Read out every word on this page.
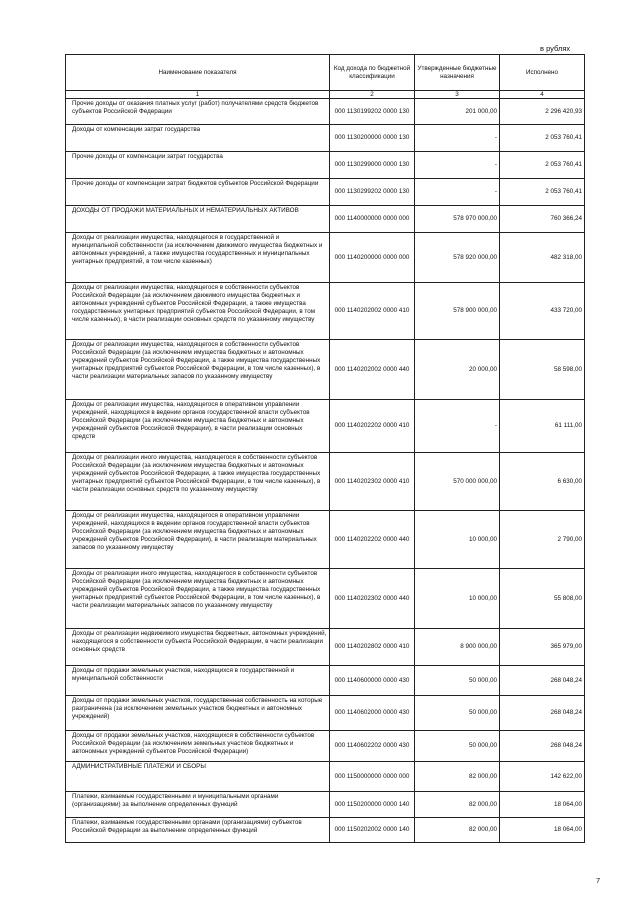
в рублях
Наименование показателя	Код дохода по бюджетной классификации	Утвержденные бюджетные назначения	Исполнено
1	2	3	4
Прочие доходы от оказания платных услуг (работ) получателями средств бюджетов субъектов Российской Федерации	000 1130199202 0000 130	201 000,00	2 296 420,93
Доходы от компенсации затрат государства	000 1130200000 0000 130	-	2 053 760,41
Прочие доходы от компенсации затрат государства	000 1130299000 0000 130	-	2 053 760,41
Прочие доходы от компенсации затрат бюджетов субъектов Российской Федерации	000 1130299202 0000 130	-	2 053 760,41
ДОХОДЫ ОТ ПРОДАЖИ МАТЕРИАЛЬНЫХ И НЕМАТЕРИАЛЬНЫХ АКТИВОВ	000 1140000000 0000 000	578 970 000,00	760 366,24
Доходы от реализации имущества, находящегося в государственной и муниципальной собственности (за исключением движимого имущества бюджетных и автономных учреждений, а также имущества государственных и муниципальных унитарных предприятий, в том числе казенных)	000 1140200000 0000 000	578 920 000,00	482 318,00
Доходы от реализации имущества, находящегося в собственности субъектов Российской Федерации (за исключением движимого имущества бюджетных и автономных учреждений субъектов Российской Федерации, а также имущества государственных унитарных предприятий субъектов Российской Федерации, в том числе казенных), в части реализации основных средств по указанному имуществу	000 1140202002 0000 410	578 900 000,00	433 720,00
Доходы от реализации имущества, находящегося в собственности субъектов Российской Федерации (за исключением имущества бюджетных и автономных учреждений субъектов Российской Федерации, а также имущества государственных унитарных предприятий субъектов Российской Федерации, в том числе казенных), в части реализации материальных запасов по указанному имуществу	000 1140202002 0000 440	20 000,00	58 598,00
Доходы от реализации имущества, находящегося в оперативном управлении учреждений, находящихся в ведении органов государственной власти субъектов Российской Федерации (за исключением имущества бюджетных и автономных учреждений субъектов Российской Федерации), в части реализации основных средств	000 1140202202 0000 410	-	61 111,00
Доходы от реализации иного имущества, находящегося в собственности субъектов Российской Федерации (за исключением имущества бюджетных и автономных учреждений субъектов Российской Федерации, а также имущества государственных унитарных предприятий субъектов Российской Федерации, в том числе казенных), в части реализации основных средств по указанному имуществу	000 1140202302 0000 410	570 000 000,00	6 630,00
Доходы от реализации имущества, находящегося в оперативном управлении учреждений, находящихся в ведении органов государственной власти субъектов Российской Федерации (за исключением имущества бюджетных и автономных учреждений субъектов Российской Федерации), в части реализации материальных запасов по указанному имуществу	000 1140202202 0000 440	10 000,00	2 790,00
Доходы от реализации иного имущества, находящегося в собственности субъектов Российской Федерации (за исключением имущества бюджетных и автономных учреждений субъектов Российской Федерации, а также имущества государственных унитарных предприятий субъектов Российской Федерации, в том числе казенных), в части реализации материальных запасов по указанному имуществу	000 1140202302 0000 440	10 000,00	55 808,00
Доходы от реализации недвижимого имущества бюджетных, автономных учреждений, находящегося в собственности субъекта Российской Федерации, в части реализации основных средств	000 1140202802 0000 410	8 900 000,00	365 979,00
Доходы от продажи земельных участков, находящихся в государственной и муниципальной собственности	000 1140600000 0000 430	50 000,00	268 048,24
Доходы от продажи земельных участков, государственная собственность на которые разграничена (за исключением земельных участков бюджетных и автономных учреждений)	000 1140602000 0000 430	50 000,00	268 048,24
Доходы от продажи земельных участков, находящихся в собственности субъектов Российской Федерации (за исключением земельных участков бюджетных и автономных учреждений субъектов Российской Федерации)	000 1140602202 0000 430	50 000,00	268 048,24
АДМИНИСТРАТИВНЫЕ ПЛАТЕЖИ И СБОРЫ	000 1150000000 0000 000	82 000,00	142 622,00
Платежи, взимаемые государственными и муниципальными органами (организациями) за выполнение определенных функций	000 1150200000 0000 140	82 000,00	18 064,00
Платежи, взимаемые государственными органами (организациями) субъектов Российской Федерации за выполнение определенных функций	000 1150202002 0000 140	82 000,00	18 064,00
7
